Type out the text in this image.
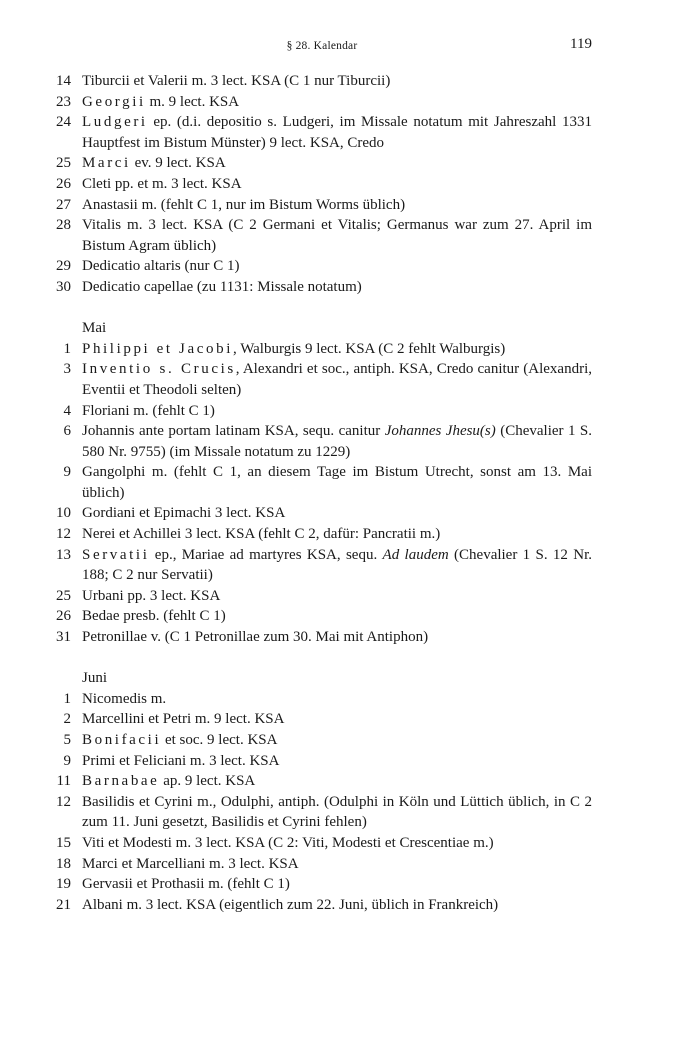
§ 28. Kalendar	119
14 Tiburcii et Valerii m. 3 lect. KSA (C 1 nur Tiburcii)
23 Georgii m. 9 lect. KSA
24 Ludgeri ep. (d.i. depositio s. Ludgeri, im Missale notatum mit Jahreszahl 1331 Hauptfest im Bistum Münster) 9 lect. KSA, Credo
25 Marci ev. 9 lect. KSA
26 Cleti pp. et m. 3 lect. KSA
27 Anastasii m. (fehlt C 1, nur im Bistum Worms üblich)
28 Vitalis m. 3 lect. KSA (C 2 Germani et Vitalis; Germanus war zum 27. April im Bistum Agram üblich)
29 Dedicatio altaris (nur C 1)
30 Dedicatio capellae (zu 1131: Missale notatum)
Mai
1 Philippi et Jacobi, Walburgis 9 lect. KSA (C 2 fehlt Walburgis)
3 Inventio s. Crucis, Alexandri et soc., antiph. KSA, Credo canitur (Alexandri, Eventii et Theodoli selten)
4 Floriani m. (fehlt C 1)
6 Johannis ante portam latinam KSA, sequ. canitur Johannes Jhesu(s) (Chevalier 1 S. 580 Nr. 9755) (im Missale notatum zu 1229)
9 Gangolphi m. (fehlt C 1, an diesem Tage im Bistum Utrecht, sonst am 13. Mai üblich)
10 Gordiani et Epimachi 3 lect. KSA
12 Nerei et Achillei 3 lect. KSA (fehlt C 2, dafür: Pancratii m.)
13 Servatii ep., Mariae ad martyres KSA, sequ. Ad laudem (Chevalier 1 S. 12 Nr. 188; C 2 nur Servatii)
25 Urbani pp. 3 lect. KSA
26 Bedae presb. (fehlt C 1)
31 Petronillae v. (C 1 Petronillae zum 30. Mai mit Antiphon)
Juni
1 Nicomedis m.
2 Marcellini et Petri m. 9 lect. KSA
5 Bonifacii et soc. 9 lect. KSA
9 Primi et Feliciani m. 3 lect. KSA
11 Barnabae ap. 9 lect. KSA
12 Basilidis et Cyrini m., Odulphi, antiph. (Odulphi in Köln und Lüttich üblich, in C 2 zum 11. Juni gesetzt, Basilidis et Cyrini fehlen)
15 Viti et Modesti m. 3 lect. KSA (C 2: Viti, Modesti et Crescentiae m.)
18 Marci et Marcelliani m. 3 lect. KSA
19 Gervasii et Prothasii m. (fehlt C 1)
21 Albani m. 3 lect. KSA (eigentlich zum 22. Juni, üblich in Frankreich)
